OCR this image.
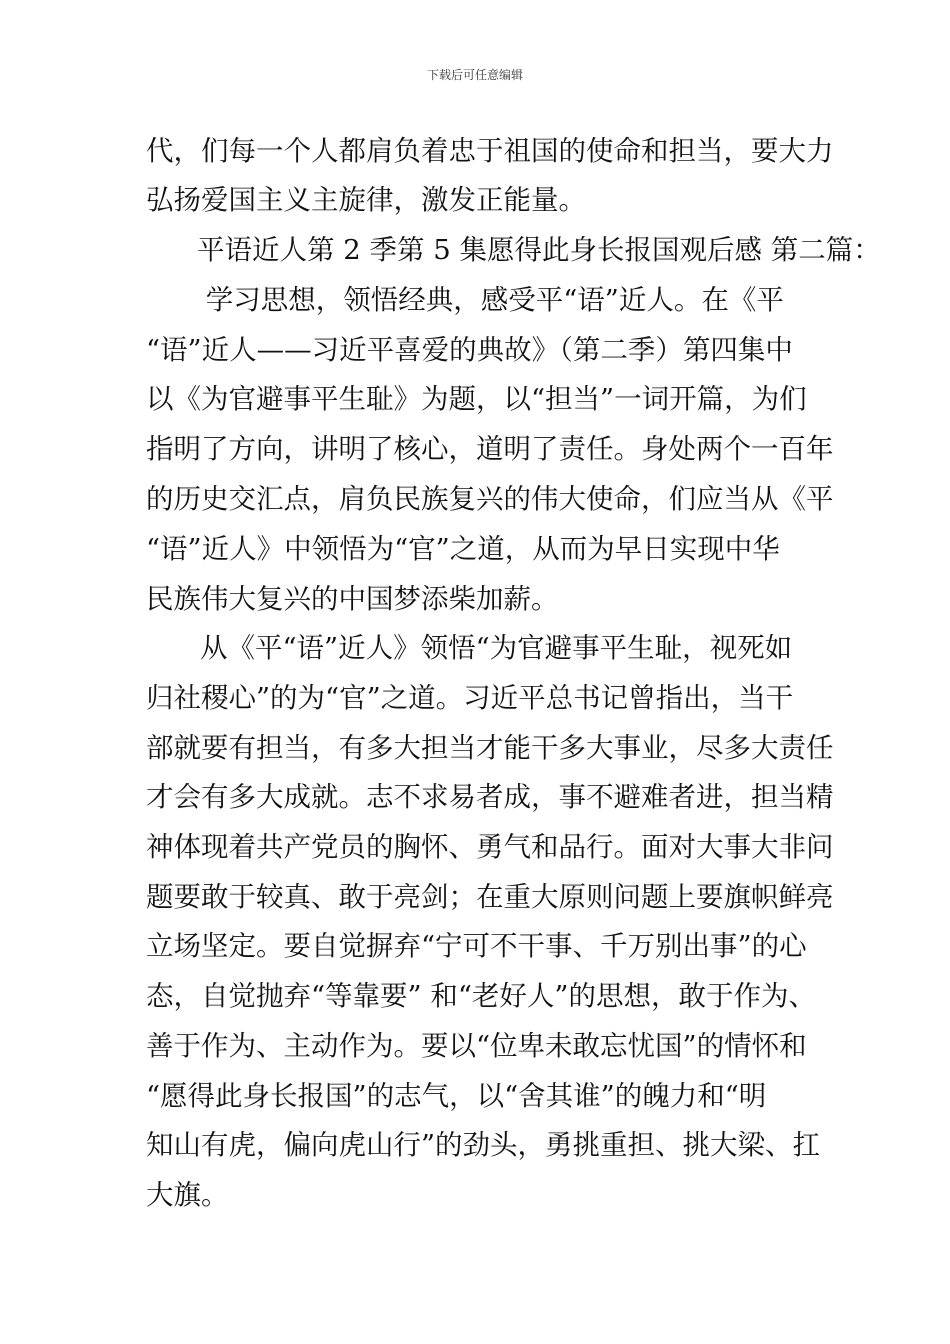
下载后可任意编辑
代，们每一个人都肩负着忠于祖国的使命和担当，要大力
弘扬爱国主义主旋律，激发正能量。
平语近人第 2 季第 5 集愿得此身长报国观后感 第二篇：
学习思想，领悟经典，感受平“语”近人。在《平
“语”近人——习近平喜爱的典故》（第二季）第四集中
以《为官避事平生耻》为题，以“担当”一词开篇，为们
指明了方向，讲明了核心，道明了责任。身处两个一百年
的历史交汇点，肩负民族复兴的伟大使命，们应当从《平
“语”近人》中领悟为“官”之道，从而为早日实现中华
民族伟大复兴的中国梦添柴加薪。
从《平“语”近人》领悟“为官避事平生耻，视死如
归社稷心”的为“官”之道。习近平总书记曾指出，当干
部就要有担当，有多大担当才能干多大事业，尽多大责任
才会有多大成就。志不求易者成，事不避难者进，担当精
神体现着共产党员的胸怀、勇气和品行。面对大事大非问
题要敢于较真、敢于亮剑；在重大原则问题上要旗帜鲜亮
立场坚定。要自觉摒弃“宁可不干事、千万别出事”的心
态，自觉抛弃“等靠要” 和“老好人”的思想，敢于作为、
善于作为、主动作为。要以“位卑未敢忘忧国”的情怀和
“愿得此身长报国”的志气，以“舍其谁”的魄力和“明
知山有虎，偏向虎山行”的劲头，勇挑重担、挑大梁、扛
大旗。
